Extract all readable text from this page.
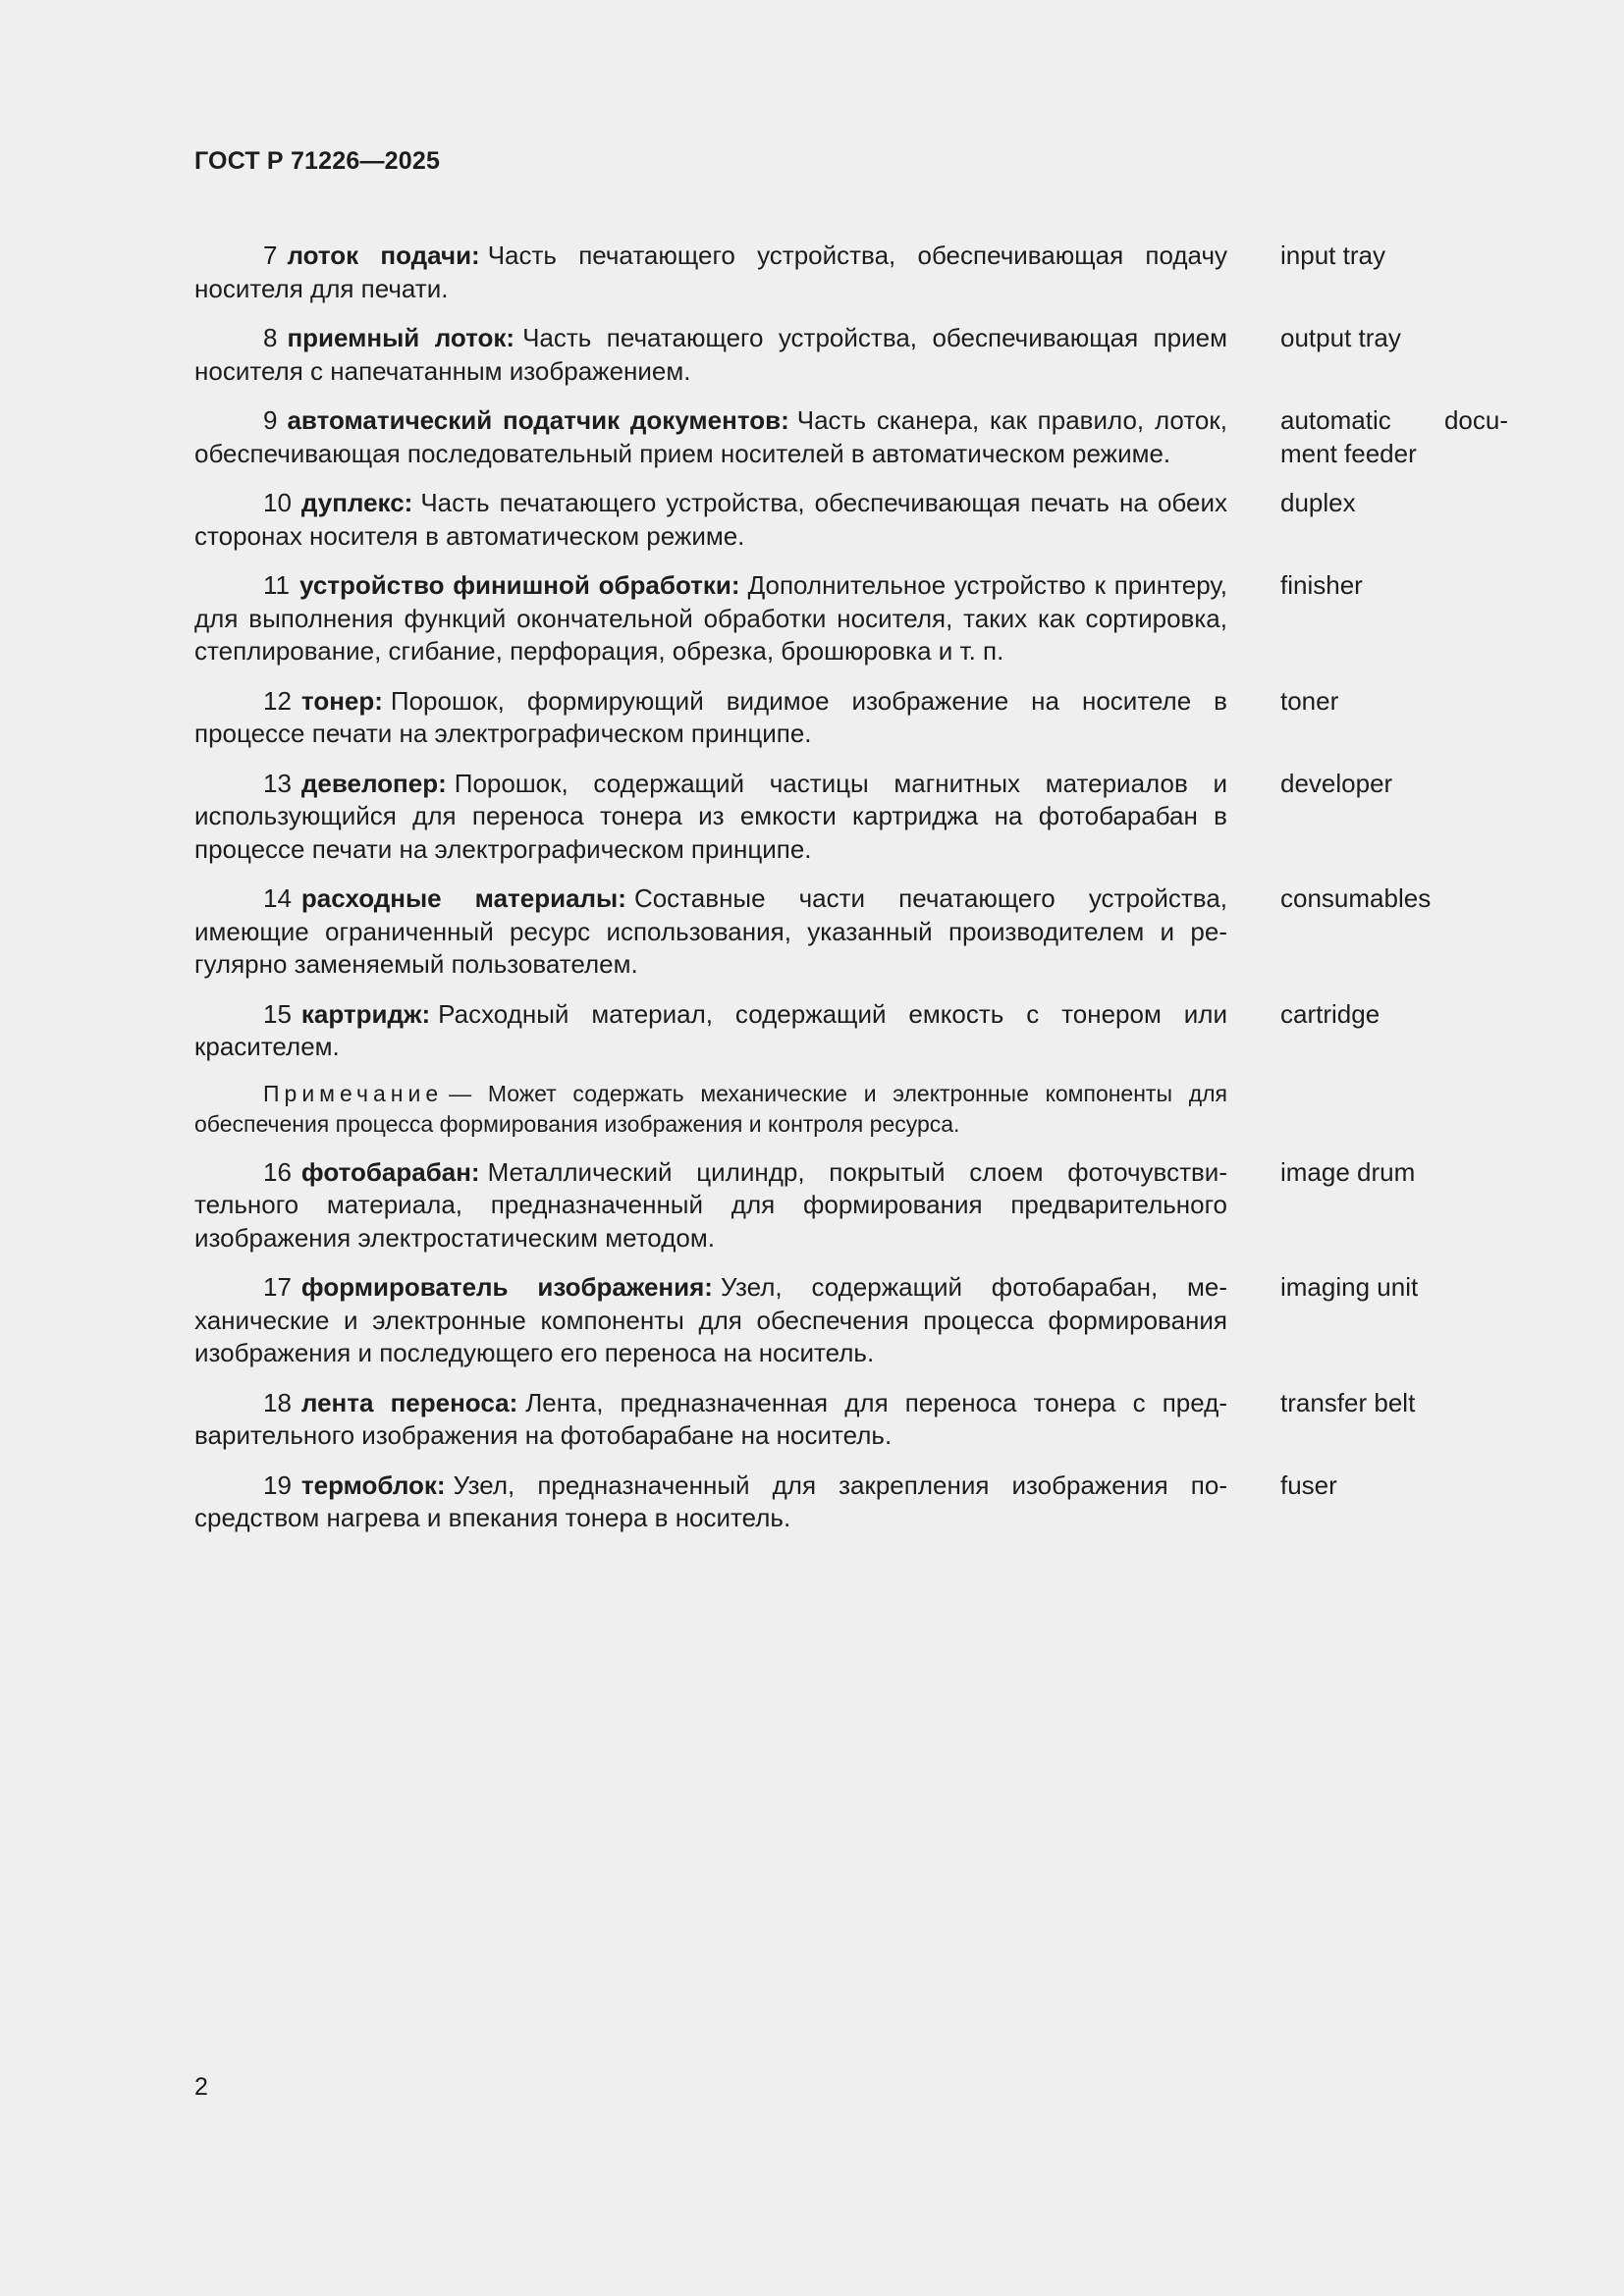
ГОСТ Р 71226—2025
7 лоток подачи: Часть печатающего устройства, обеспечивающая подачу носителя для печати.
input tray
8 приемный лоток: Часть печатающего устройства, обеспечивающая прием носителя с напечатанным изображением.
output tray
9 автоматический податчик документов: Часть сканера, как правило, лоток, обеспечивающая последовательный прием носителей в автоматическом режиме.
automatic document feeder
10 дуплекс: Часть печатающего устройства, обеспечивающая печать на обеих сторонах носителя в автоматическом режиме.
duplex
11 устройство финишной обработки: Дополнительное устройство к принтеру, для выполнения функций окончательной обработки носителя, таких как сортировка, степлирование, сгибание, перфорация, обрезка, брошюровка и т. п.
finisher
12 тонер: Порошок, формирующий видимое изображение на носителе в процессе печати на электрографическом принципе.
toner
13 девелопер: Порошок, содержащий частицы магнитных материалов и использующийся для переноса тонера из емкости картриджа на фотобарабан в процессе печати на электрографическом принципе.
developer
14 расходные материалы: Составные части печатающего устройства, имеющие ограниченный ресурс использования, указанный производителем и регулярно заменяемый пользователем.
consumables
15 картридж: Расходный материал, содержащий емкость с тонером или красителем.
cartridge
Примечание — Может содержать механические и электронные компоненты для обеспечения процесса формирования изображения и контроля ресурса.
16 фотобарабан: Металлический цилиндр, покрытый слоем фоточувствительного материала, предназначенный для формирования предварительного изображения электростатическим методом.
image drum
17 формирователь изображения: Узел, содержащий фотобарабан, механические и электронные компоненты для обеспечения процесса формирования изображения и последующего его переноса на носитель.
imaging unit
18 лента переноса: Лента, предназначенная для переноса тонера с предварительного изображения на фотобарабане на носитель.
transfer belt
19 термоблок: Узел, предназначенный для закрепления изображения посредством нагрева и впекания тонера в носитель.
fuser
2
